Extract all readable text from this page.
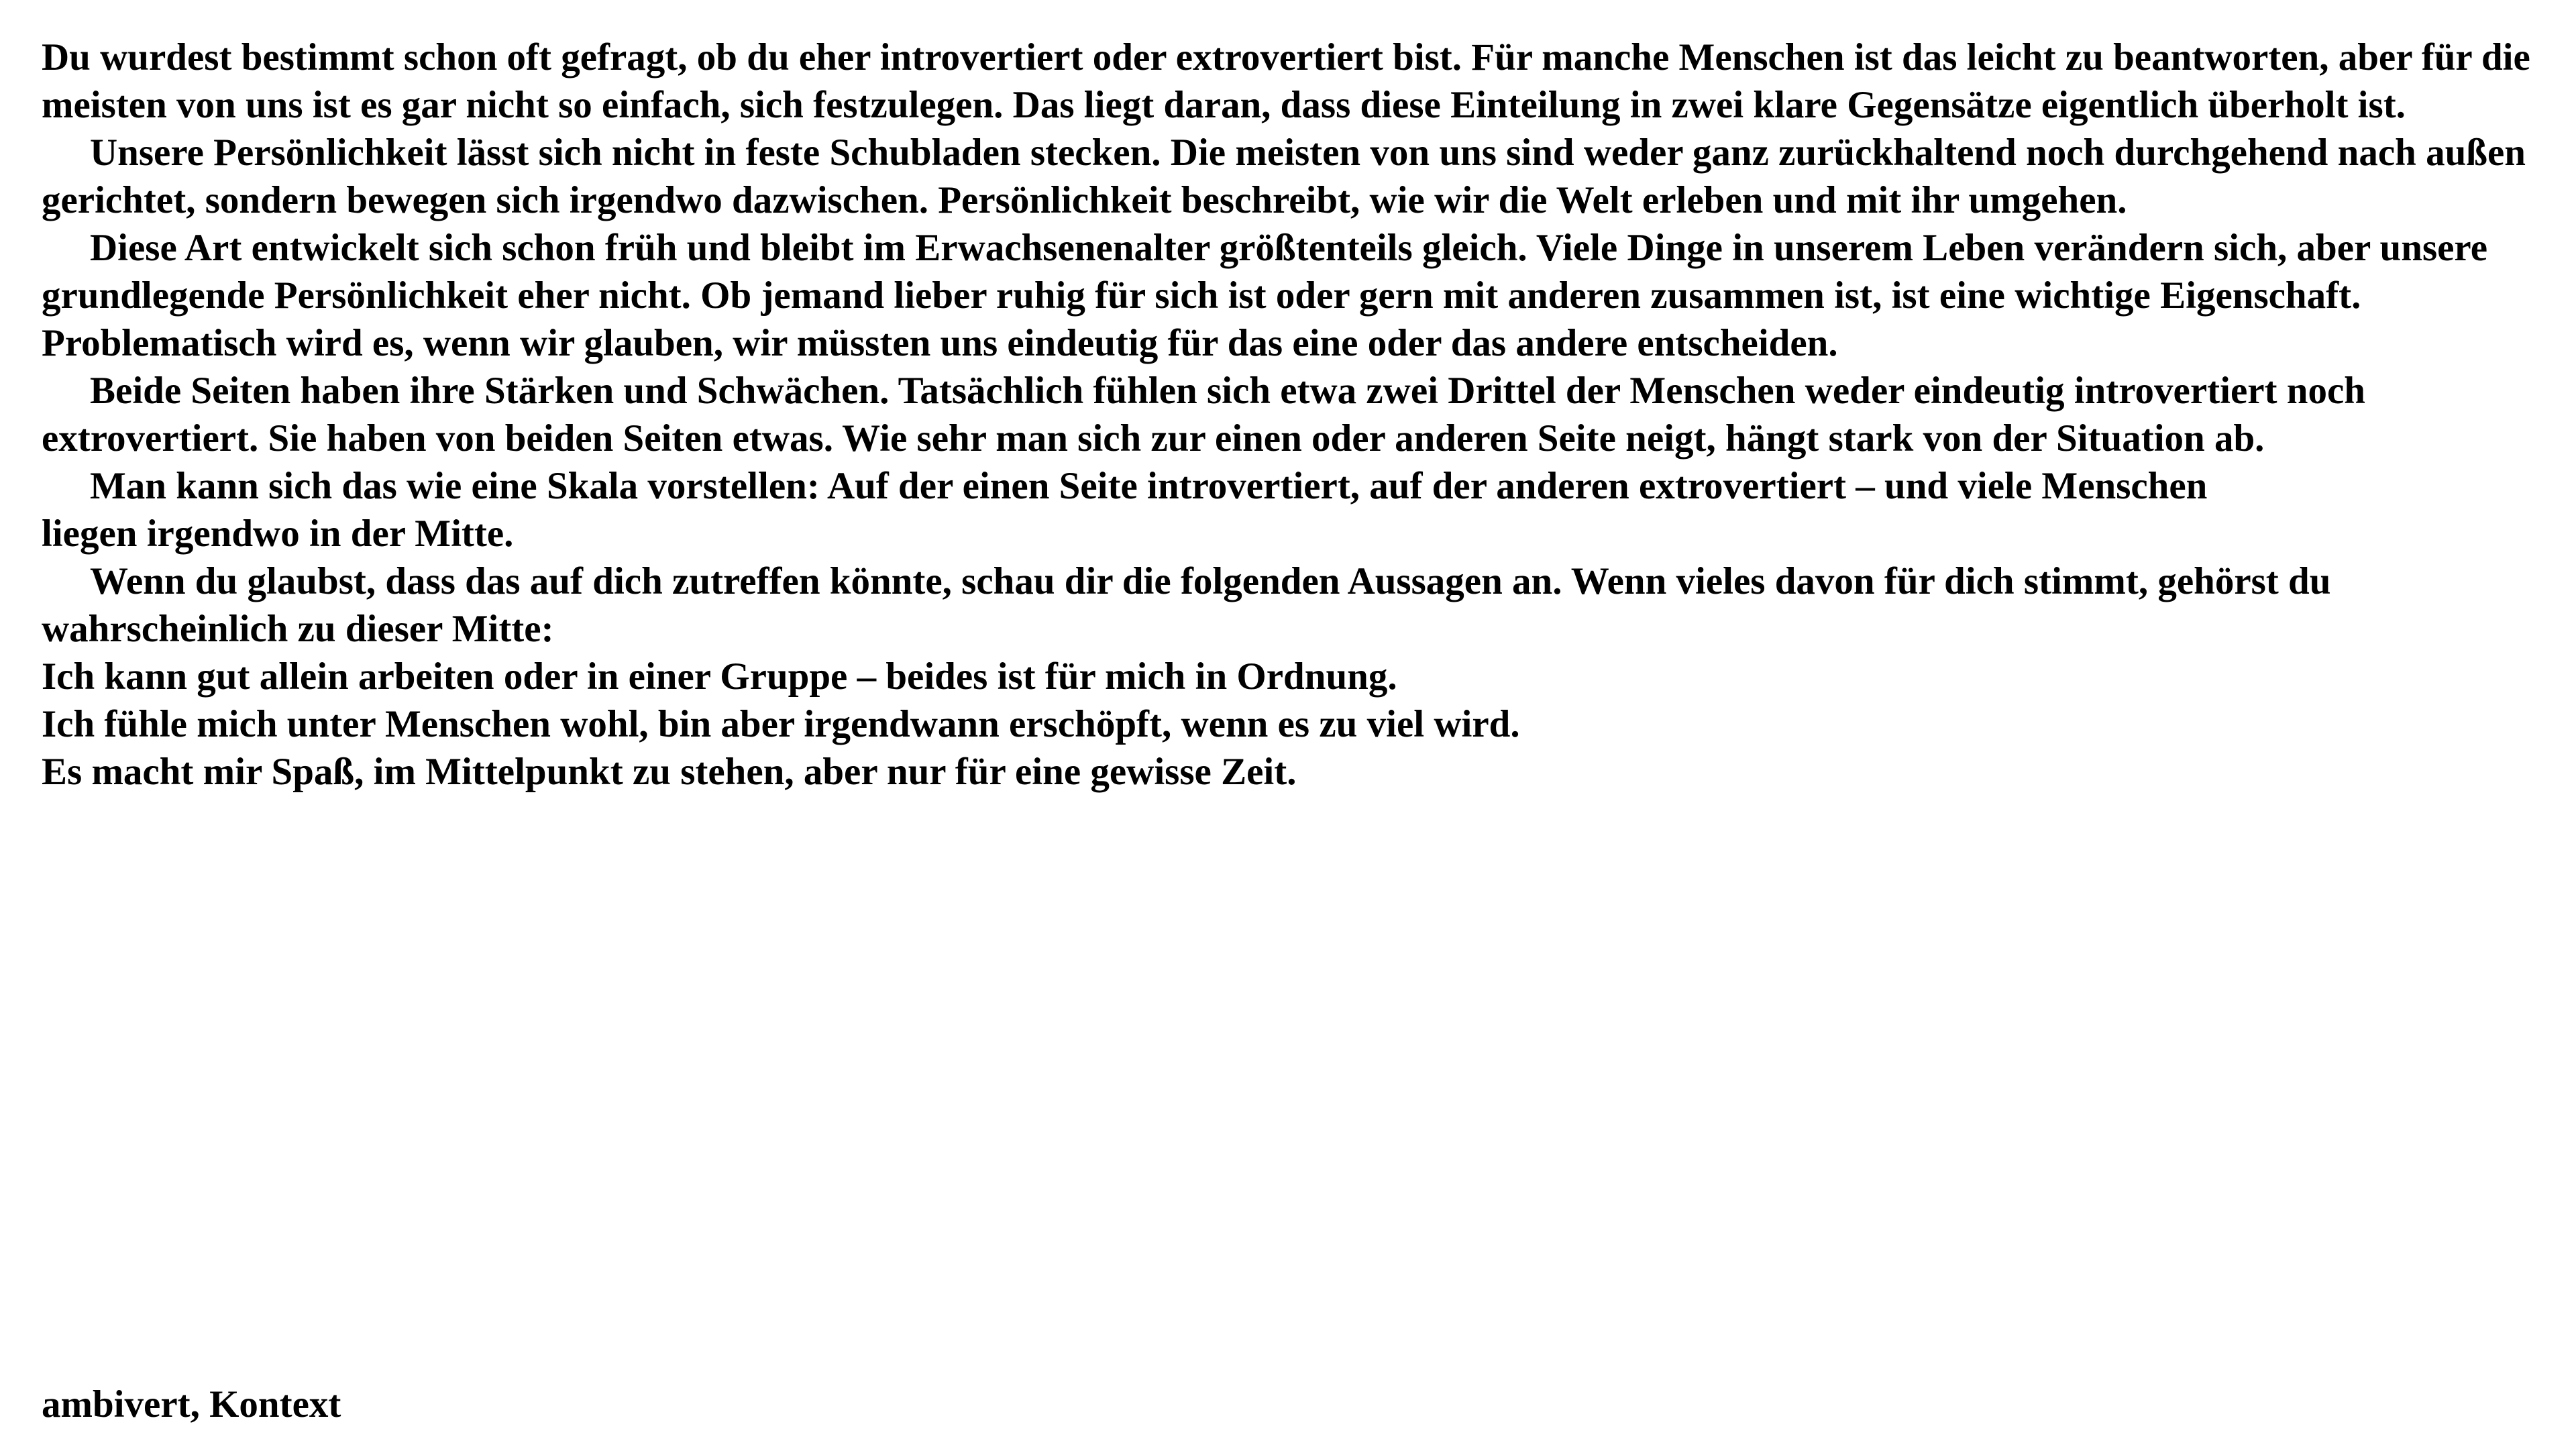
Du wurdest bestimmt schon oft gefragt, ob du eher introvertiert oder extrovertiert bist. Für manche Menschen ist das leicht zu beantworten, aber für die meisten von uns ist es gar nicht so einfach, sich festzulegen. Das liegt daran, dass diese Einteilung in zwei klare Gegensätze eigentlich überholt ist.

Unsere Persönlichkeit lässt sich nicht in feste Schubladen stecken. Die meisten von uns sind weder ganz zurückhaltend noch durchgehend nach außen gerichtet, sondern bewegen sich irgendwo dazwischen. Persönlichkeit beschreibt, wie wir die Welt erleben und mit ihr umgehen.

Diese Art entwickelt sich schon früh und bleibt im Erwachsenenalter größtenteils gleich. Viele Dinge in unserem Leben verändern sich, aber unsere grundlegende Persönlichkeit eher nicht. Ob jemand lieber ruhig für sich ist oder gern mit anderen zusammen ist, ist eine wichtige Eigenschaft. Problematisch wird es, wenn wir glauben, wir müssten uns eindeutig für das eine oder das andere entscheiden.

Beide Seiten haben ihre Stärken und Schwächen. Tatsächlich fühlen sich etwa zwei Drittel der Menschen weder eindeutig introvertiert noch extrovertiert. Sie haben von beiden Seiten etwas. Wie sehr man sich zur einen oder anderen Seite neigt, hängt stark von der Situation ab.

Man kann sich das wie eine Skala vorstellen: Auf der einen Seite introvertiert, auf der anderen extrovertiert – und viele Menschen

liegen irgendwo in der Mitte.

Wenn du glaubst, dass das auf dich zutreffen könnte, schau dir die folgenden Aussagen an. Wenn vieles davon für dich stimmt, gehörst du wahrscheinlich zu dieser Mitte:

Ich kann gut allein arbeiten oder in einer Gruppe – beides ist für mich in Ordnung.

Ich fühle mich unter Menschen wohl, bin aber irgendwann erschöpft, wenn es zu viel wird.

Es macht mir Spaß, im Mittelpunkt zu stehen, aber nur für eine gewisse Zeit.

ambivert, Kontext
